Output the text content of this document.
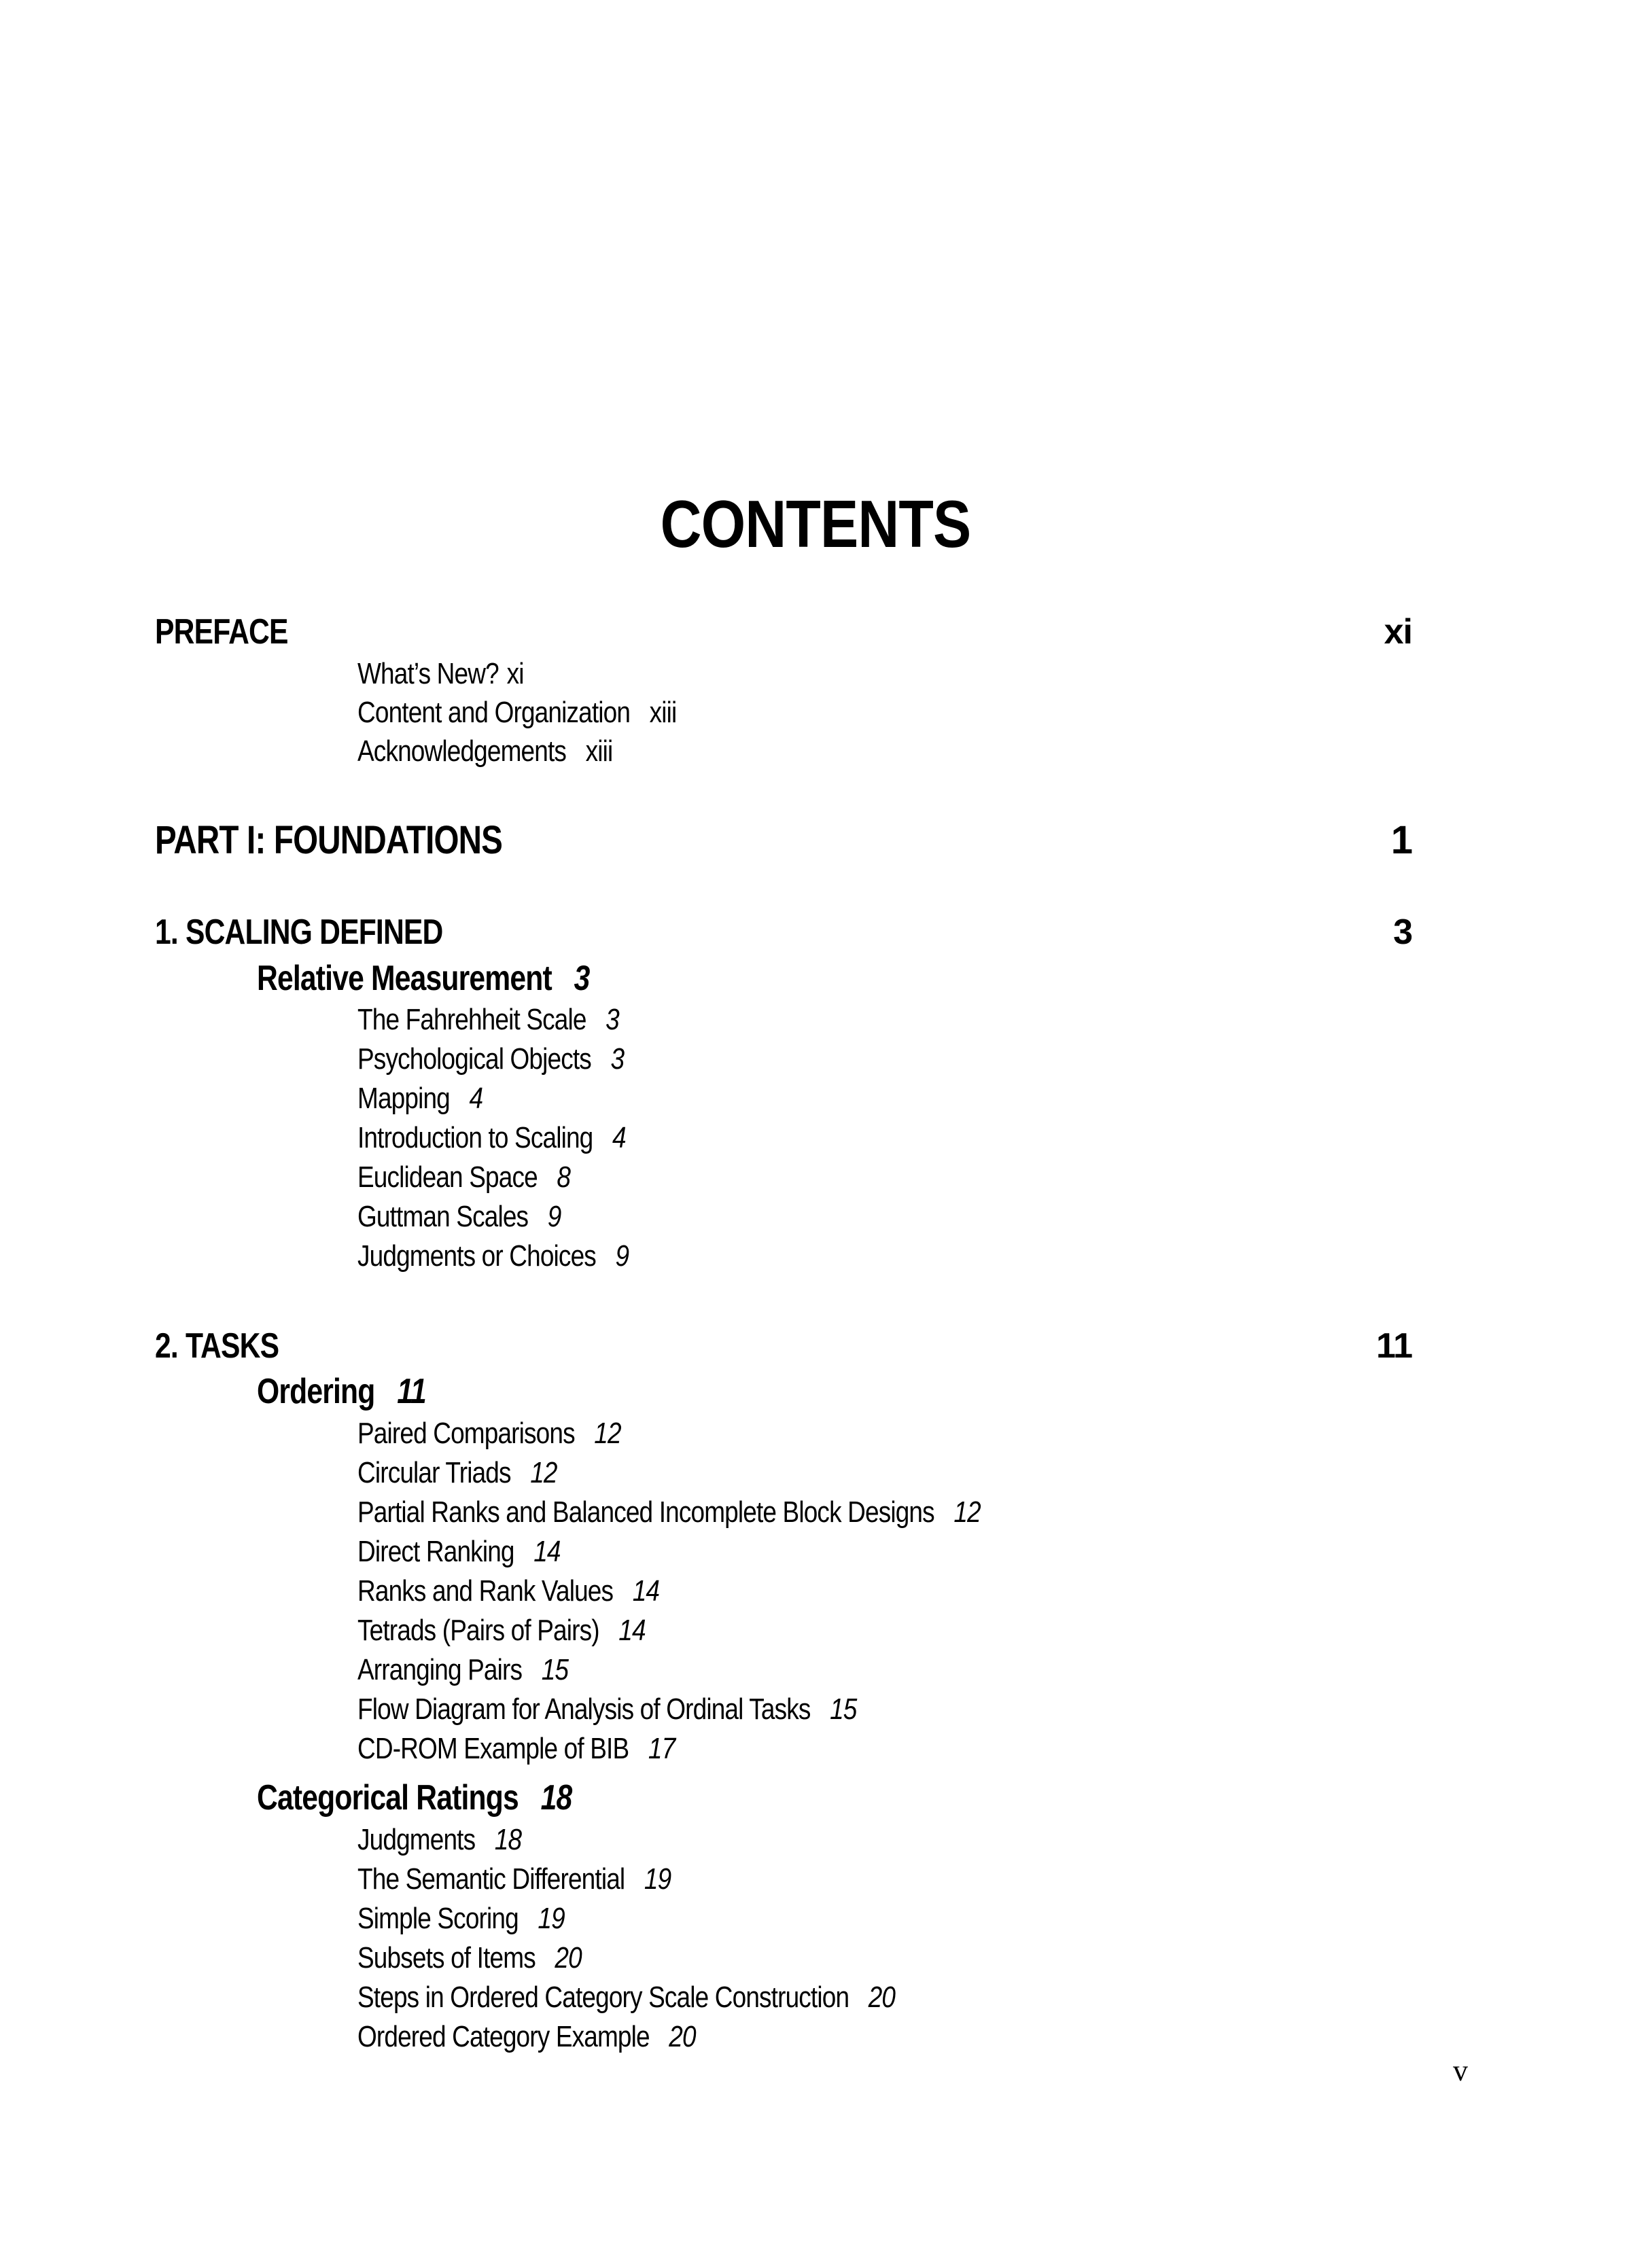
CONTENTS
PREFACE	xi
What’s New? xi
Content and Organization xiii
Acknowledgements xiii
PART I: FOUNDATIONS	1
1. SCALING DEFINED	3
Relative Measurement 3
The Fahrehheit Scale 3
Psychological Objects 3
Mapping 4
Introduction to Scaling 4
Euclidean Space 8
Guttman Scales 9
Judgments or Choices 9
2. TASKS	11
Ordering 11
Paired Comparisons 12
Circular Triads 12
Partial Ranks and Balanced Incomplete Block Designs 12
Direct Ranking 14
Ranks and Rank Values 14
Tetrads (Pairs of Pairs) 14
Arranging Pairs 15
Flow Diagram for Analysis of Ordinal Tasks 15
CD-ROM Example of BIB 17
Categorical Ratings 18
Judgments 18
The Semantic Differential 19
Simple Scoring 19
Subsets of Items 20
Steps in Ordered Category Scale Construction 20
Ordered Category Example 20
v
